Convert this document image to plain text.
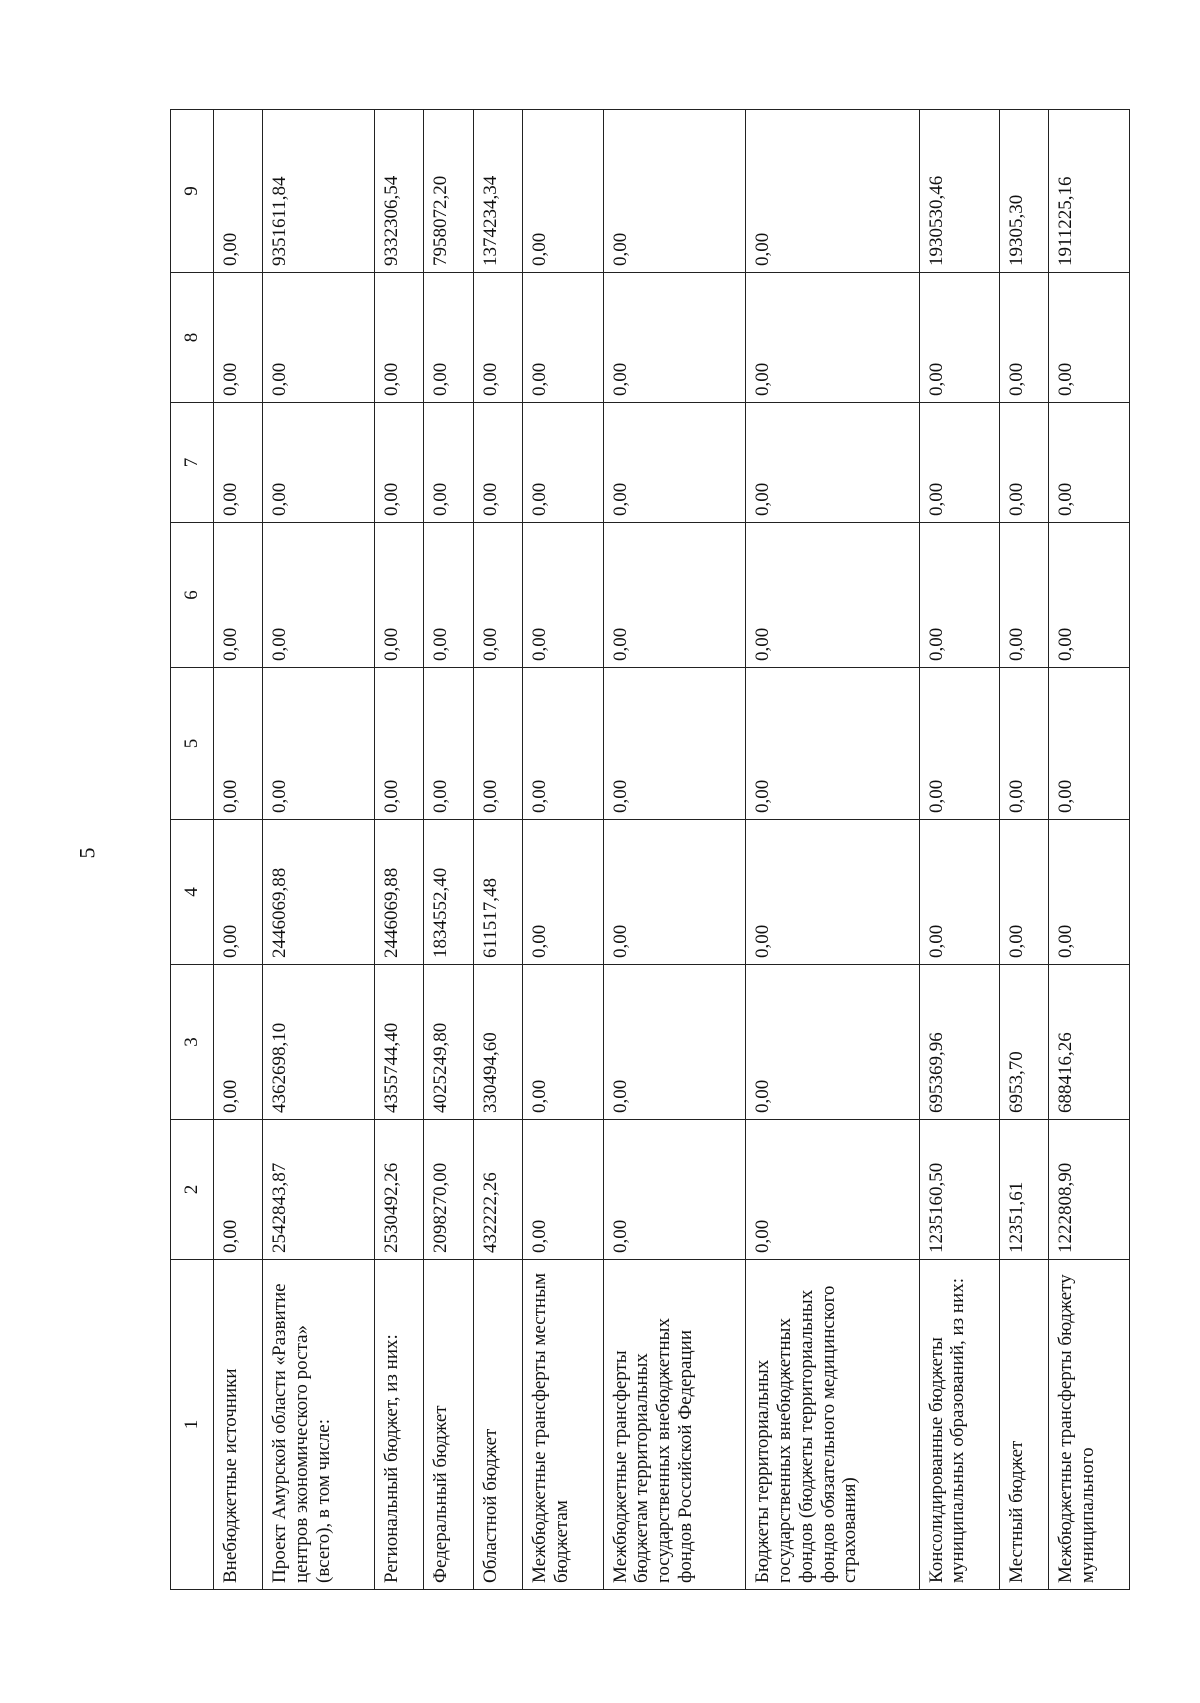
5
1	2	3	4	5	6	7	8	9
Внебюджетные источники	0,00	0,00	0,00	0,00	0,00	0,00	0,00	0,00
Проект Амурской области «Развитие центров экономического роста» (всего), в том числе:	2542843,87	4362698,10	2446069,88	0,00	0,00	0,00	0,00	9351611,84
Региональный бюджет, из них:	2530492,26	4355744,40	2446069,88	0,00	0,00	0,00	0,00	9332306,54
Федеральный бюджет	2098270,00	4025249,80	1834552,40	0,00	0,00	0,00	0,00	7958072,20
Областной бюджет	432222,26	330494,60	611517,48	0,00	0,00	0,00	0,00	1374234,34
Межбюджетные трансферты местным бюджетам	0,00	0,00	0,00	0,00	0,00	0,00	0,00	0,00
Межбюджетные трансферты бюджетам территориальных государственных внебюджетных фондов Российской Федерации	0,00	0,00	0,00	0,00	0,00	0,00	0,00	0,00
Бюджеты территориальных государственных внебюджетных фондов (бюджеты территориальных фондов обязательного медицинского страхования)	0,00	0,00	0,00	0,00	0,00	0,00	0,00	0,00
Консолидированные бюджеты муниципальных образований, из них:	1235160,50	695369,96	0,00	0,00	0,00	0,00	0,00	1930530,46
Местный бюджет	12351,61	6953,70	0,00	0,00	0,00	0,00	0,00	19305,30
Межбюджетные трансферты бюджету муниципального	1222808,90	688416,26	0,00	0,00	0,00	0,00	0,00	1911225,16
